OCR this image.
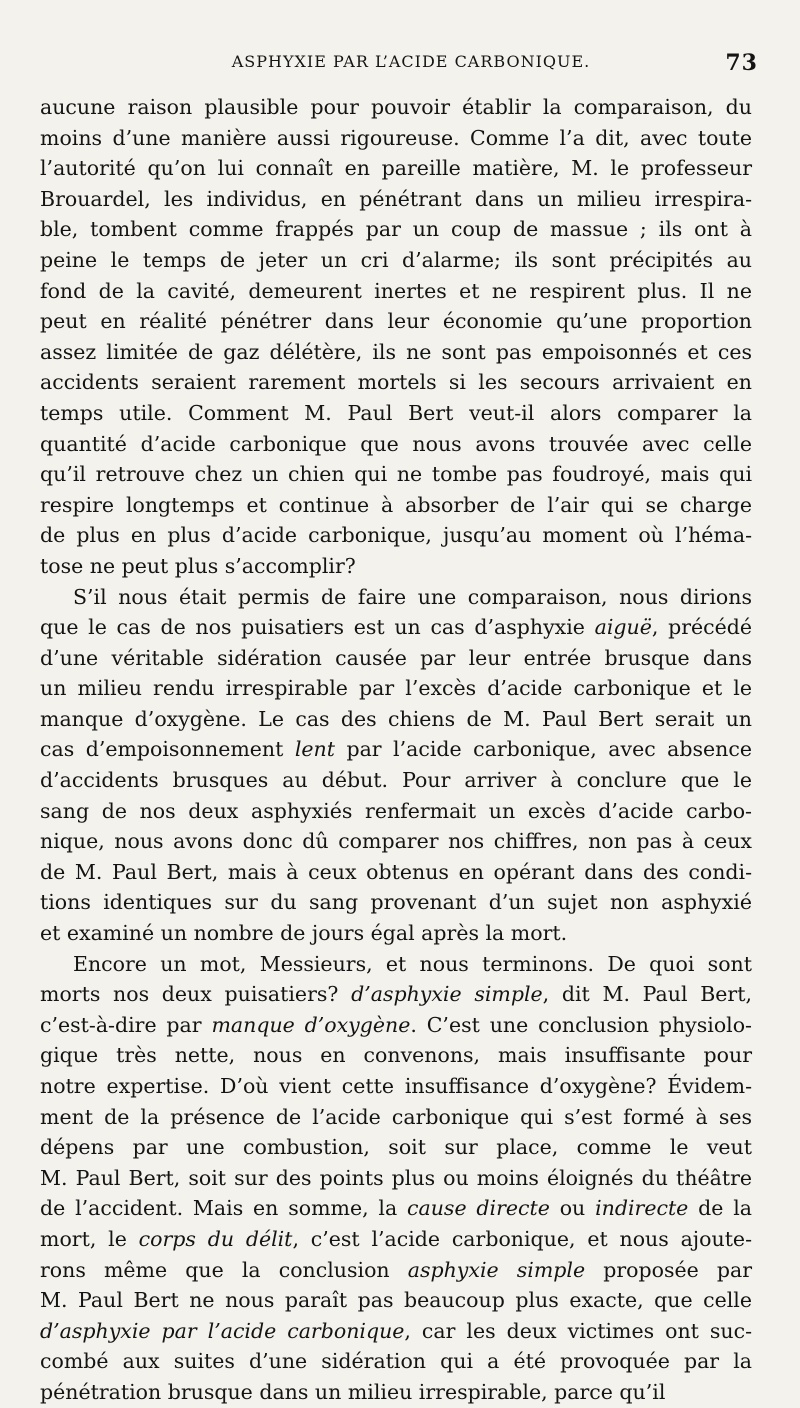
ASPHYXIE PAR L’ACIDE CARBONIQUE.	73
aucune raison plausible pour pouvoir établir la comparaison, du
moins d’une manière aussi rigoureuse. Comme l’a dit, avec toute
l’autorité qu’on lui connaît en pareille matière, M. le professeur
Brouardel, les individus, en pénétrant dans un milieu irrespira-
ble, tombent comme frappés par un coup de massue ; ils ont à
peine le temps de jeter un cri d’alarme; ils sont précipités au
fond de la cavité, demeurent inertes et ne respirent plus. Il ne
peut en réalité pénétrer dans leur économie qu’une proportion
assez limitée de gaz délétère, ils ne sont pas empoisonnés et ces
accidents seraient rarement mortels si les secours arrivaient en
temps utile. Comment M. Paul Bert veut-il alors comparer la
quantité d’acide carbonique que nous avons trouvée avec celle
qu’il retrouve chez un chien qui ne tombe pas foudroyé, mais qui
respire longtemps et continue à absorber de l’air qui se charge
de plus en plus d’acide carbonique, jusqu’au moment où l’héma-
tose ne peut plus s’accomplir?
S’il nous était permis de faire une comparaison, nous dirions
que le cas de nos puisatiers est un cas d’asphyxie aiguë, précédé
d’une véritable sidération causée par leur entrée brusque dans
un milieu rendu irrespirable par l’excès d’acide carbonique et le
manque d’oxygène. Le cas des chiens de M. Paul Bert serait un
cas d’empoisonnement lent par l’acide carbonique, avec absence
d’accidents brusques au début. Pour arriver à conclure que le
sang de nos deux asphyxiés renfermait un excès d’acide carbo-
nique, nous avons donc dû comparer nos chiffres, non pas à ceux
de M. Paul Bert, mais à ceux obtenus en opérant dans des condi-
tions identiques sur du sang provenant d’un sujet non asphyxié
et examiné un nombre de jours égal après la mort.
Encore un mot, Messieurs, et nous terminons. De quoi sont
morts nos deux puisatiers? d’asphyxie simple, dit M. Paul Bert,
c’est-à-dire par manque d’oxygène. C’est une conclusion physiolo-
gique très nette, nous en convenons, mais insuffisante pour
notre expertise. D’où vient cette insuffisance d’oxygène? Évidem-
ment de la présence de l’acide carbonique qui s’est formé à ses
dépens par une combustion, soit sur place, comme le veut
M. Paul Bert, soit sur des points plus ou moins éloignés du théâtre
de l’accident. Mais en somme, la cause directe ou indirecte de la
mort, le corps du délit, c’est l’acide carbonique, et nous ajoute-
rons même que la conclusion asphyxie simple proposée par
M. Paul Bert ne nous paraît pas beaucoup plus exacte, que celle
d’asphyxie par l’acide carbonique, car les deux victimes ont suc-
combé aux suites d’une sidération qui a été provoquée par la
pénétration brusque dans un milieu irrespirable, parce qu’il
